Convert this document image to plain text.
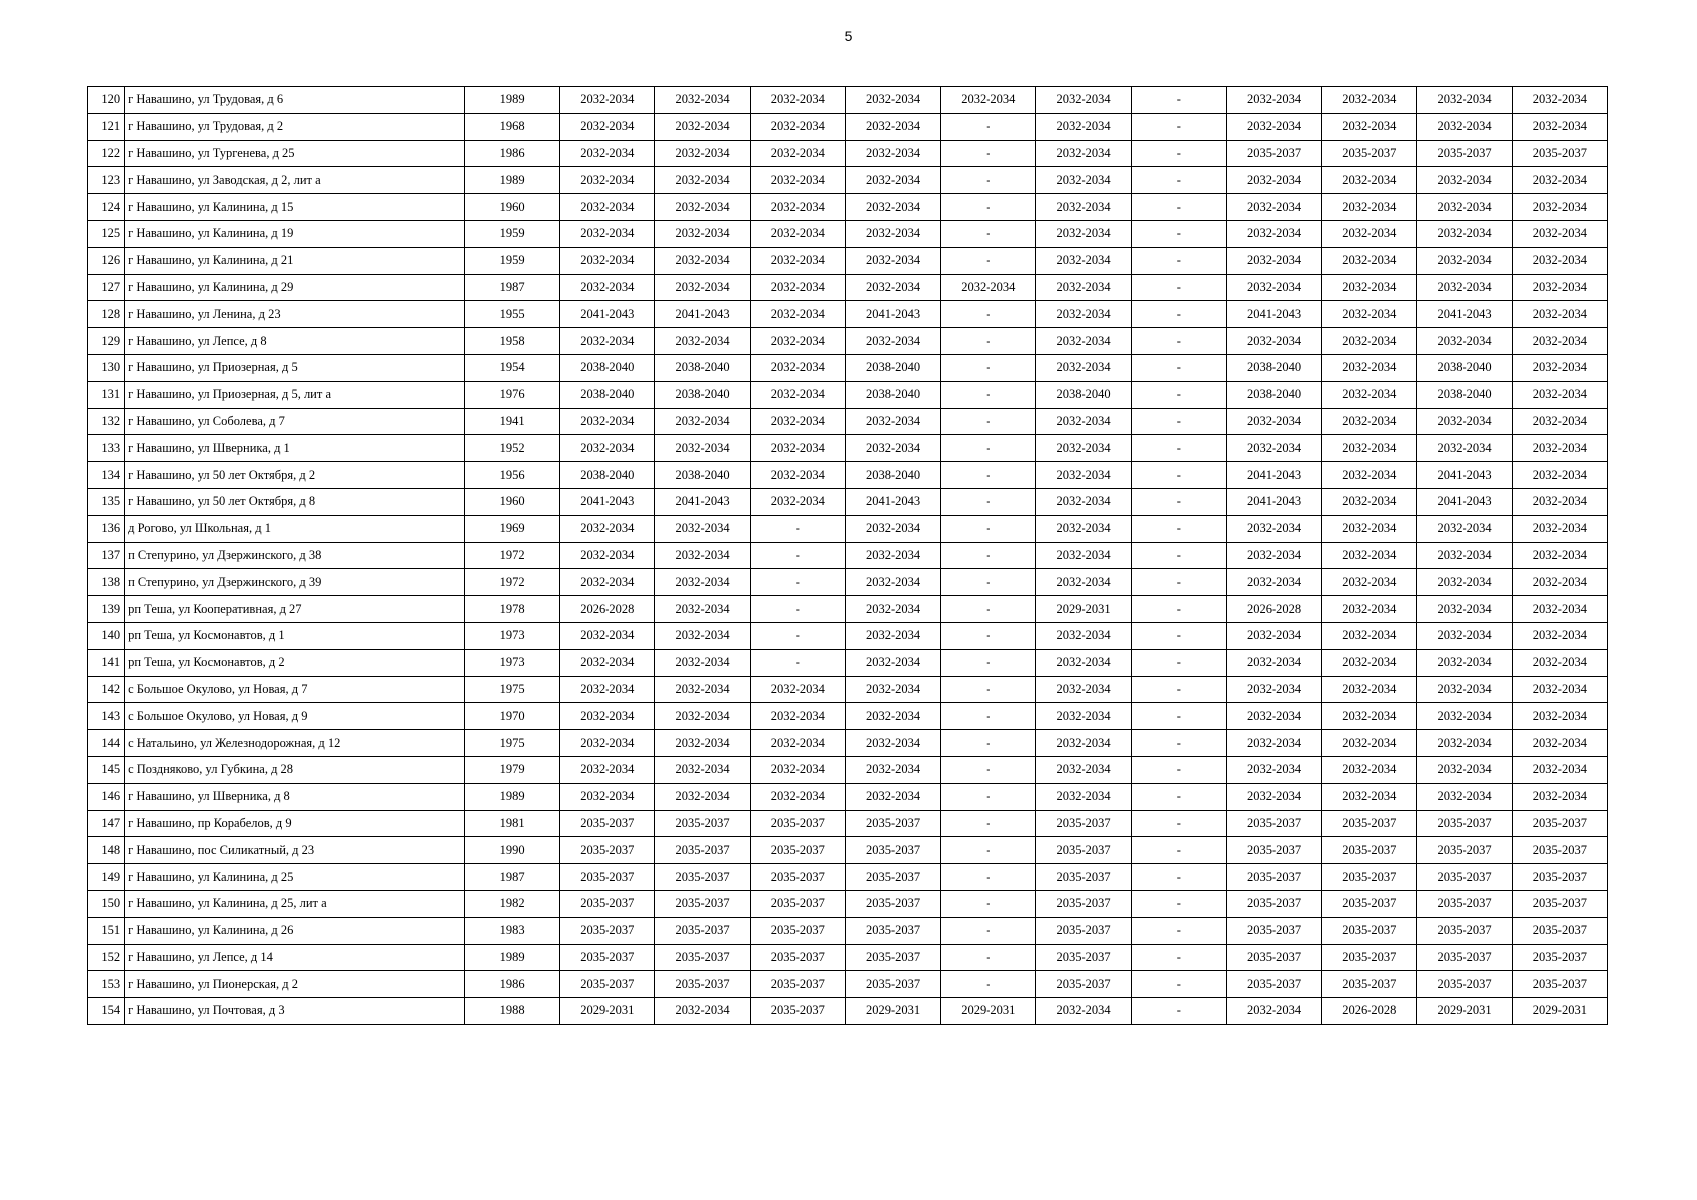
5
120	г Навашино, ул Трудовая, д 6	1989	2032-2034	2032-2034	2032-2034	2032-2034	2032-2034	2032-2034	-	2032-2034	2032-2034	2032-2034	2032-2034
121	г Навашино, ул Трудовая, д 2	1968	2032-2034	2032-2034	2032-2034	2032-2034	-	2032-2034	-	2032-2034	2032-2034	2032-2034	2032-2034
122	г Навашино, ул Тургенева, д 25	1986	2032-2034	2032-2034	2032-2034	2032-2034	-	2032-2034	-	2035-2037	2035-2037	2035-2037	2035-2037
123	г Навашино, ул Заводская, д 2, лит а	1989	2032-2034	2032-2034	2032-2034	2032-2034	-	2032-2034	-	2032-2034	2032-2034	2032-2034	2032-2034
124	г Навашино, ул Калинина, д 15	1960	2032-2034	2032-2034	2032-2034	2032-2034	-	2032-2034	-	2032-2034	2032-2034	2032-2034	2032-2034
125	г Навашино, ул Калинина, д 19	1959	2032-2034	2032-2034	2032-2034	2032-2034	-	2032-2034	-	2032-2034	2032-2034	2032-2034	2032-2034
126	г Навашино, ул Калинина, д 21	1959	2032-2034	2032-2034	2032-2034	2032-2034	-	2032-2034	-	2032-2034	2032-2034	2032-2034	2032-2034
127	г Навашино, ул Калинина, д 29	1987	2032-2034	2032-2034	2032-2034	2032-2034	2032-2034	2032-2034	-	2032-2034	2032-2034	2032-2034	2032-2034
128	г Навашино, ул Ленина, д 23	1955	2041-2043	2041-2043	2032-2034	2041-2043	-	2032-2034	-	2041-2043	2032-2034	2041-2043	2032-2034
129	г Навашино, ул Лепсе, д 8	1958	2032-2034	2032-2034	2032-2034	2032-2034	-	2032-2034	-	2032-2034	2032-2034	2032-2034	2032-2034
130	г Навашино, ул Приозерная, д 5	1954	2038-2040	2038-2040	2032-2034	2038-2040	-	2032-2034	-	2038-2040	2032-2034	2038-2040	2032-2034
131	г Навашино, ул Приозерная, д 5, лит а	1976	2038-2040	2038-2040	2032-2034	2038-2040	-	2038-2040	-	2038-2040	2032-2034	2038-2040	2032-2034
132	г Навашино, ул Соболева, д 7	1941	2032-2034	2032-2034	2032-2034	2032-2034	-	2032-2034	-	2032-2034	2032-2034	2032-2034	2032-2034
133	г Навашино, ул Шверника, д 1	1952	2032-2034	2032-2034	2032-2034	2032-2034	-	2032-2034	-	2032-2034	2032-2034	2032-2034	2032-2034
134	г Навашино, ул 50 лет Октября, д 2	1956	2038-2040	2038-2040	2032-2034	2038-2040	-	2032-2034	-	2041-2043	2032-2034	2041-2043	2032-2034
135	г Навашино, ул 50 лет Октября, д 8	1960	2041-2043	2041-2043	2032-2034	2041-2043	-	2032-2034	-	2041-2043	2032-2034	2041-2043	2032-2034
136	д Рогово, ул Школьная, д 1	1969	2032-2034	2032-2034	-	2032-2034	-	2032-2034	-	2032-2034	2032-2034	2032-2034	2032-2034
137	п Степурино, ул Дзержинского, д 38	1972	2032-2034	2032-2034	-	2032-2034	-	2032-2034	-	2032-2034	2032-2034	2032-2034	2032-2034
138	п Степурино, ул Дзержинского, д 39	1972	2032-2034	2032-2034	-	2032-2034	-	2032-2034	-	2032-2034	2032-2034	2032-2034	2032-2034
139	рп Теша, ул Кооперативная, д 27	1978	2026-2028	2032-2034	-	2032-2034	-	2029-2031	-	2026-2028	2032-2034	2032-2034	2032-2034
140	рп Теша, ул Космонавтов, д 1	1973	2032-2034	2032-2034	-	2032-2034	-	2032-2034	-	2032-2034	2032-2034	2032-2034	2032-2034
141	рп Теша, ул Космонавтов, д 2	1973	2032-2034	2032-2034	-	2032-2034	-	2032-2034	-	2032-2034	2032-2034	2032-2034	2032-2034
142	с Большое Окулово, ул Новая, д 7	1975	2032-2034	2032-2034	2032-2034	2032-2034	-	2032-2034	-	2032-2034	2032-2034	2032-2034	2032-2034
143	с Большое Окулово, ул Новая, д 9	1970	2032-2034	2032-2034	2032-2034	2032-2034	-	2032-2034	-	2032-2034	2032-2034	2032-2034	2032-2034
144	с Натальино, ул Железнодорожная, д 12	1975	2032-2034	2032-2034	2032-2034	2032-2034	-	2032-2034	-	2032-2034	2032-2034	2032-2034	2032-2034
145	с Поздняково, ул Губкина, д 28	1979	2032-2034	2032-2034	2032-2034	2032-2034	-	2032-2034	-	2032-2034	2032-2034	2032-2034	2032-2034
146	г Навашино, ул Шверника, д 8	1989	2032-2034	2032-2034	2032-2034	2032-2034	-	2032-2034	-	2032-2034	2032-2034	2032-2034	2032-2034
147	г Навашино, пр Корабелов, д 9	1981	2035-2037	2035-2037	2035-2037	2035-2037	-	2035-2037	-	2035-2037	2035-2037	2035-2037	2035-2037
148	г Навашино, пос Силикатный, д 23	1990	2035-2037	2035-2037	2035-2037	2035-2037	-	2035-2037	-	2035-2037	2035-2037	2035-2037	2035-2037
149	г Навашино, ул Калинина, д 25	1987	2035-2037	2035-2037	2035-2037	2035-2037	-	2035-2037	-	2035-2037	2035-2037	2035-2037	2035-2037
150	г Навашино, ул Калинина, д 25, лит а	1982	2035-2037	2035-2037	2035-2037	2035-2037	-	2035-2037	-	2035-2037	2035-2037	2035-2037	2035-2037
151	г Навашино, ул Калинина, д 26	1983	2035-2037	2035-2037	2035-2037	2035-2037	-	2035-2037	-	2035-2037	2035-2037	2035-2037	2035-2037
152	г Навашино, ул Лепсе, д 14	1989	2035-2037	2035-2037	2035-2037	2035-2037	-	2035-2037	-	2035-2037	2035-2037	2035-2037	2035-2037
153	г Навашино, ул Пионерская, д 2	1986	2035-2037	2035-2037	2035-2037	2035-2037	-	2035-2037	-	2035-2037	2035-2037	2035-2037	2035-2037
154	г Навашино, ул Почтовая, д 3	1988	2029-2031	2032-2034	2035-2037	2029-2031	2029-2031	2032-2034	-	2032-2034	2026-2028	2029-2031	2029-2031
